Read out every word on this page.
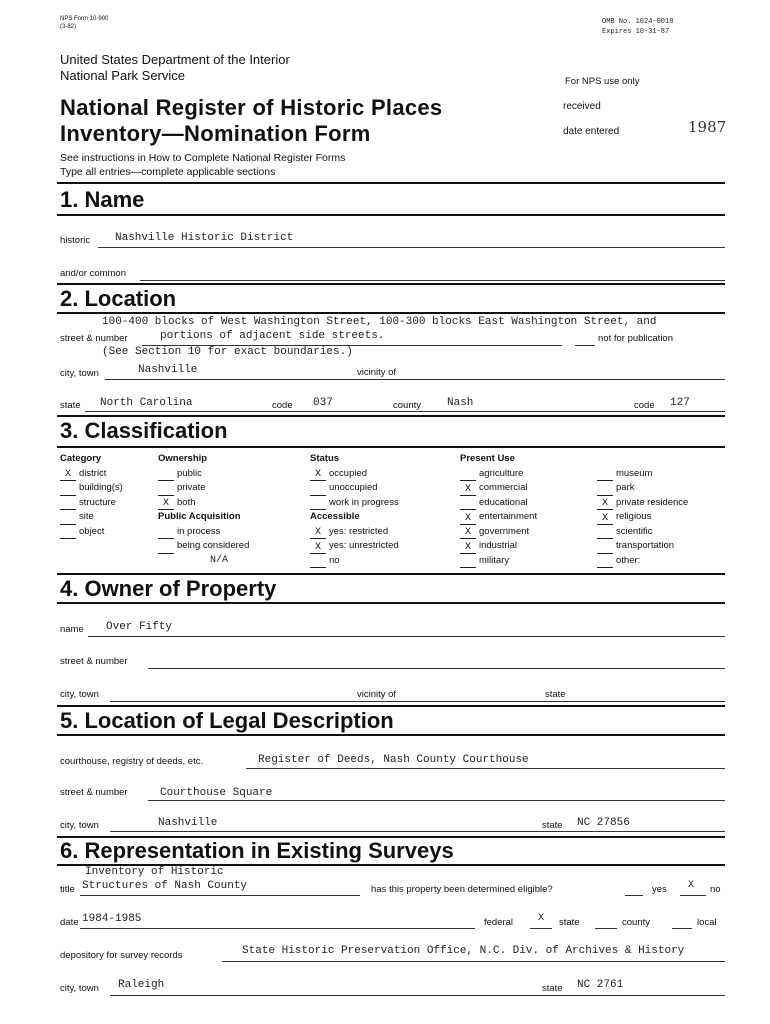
NPS Form 10-900
(3-82)
OMB No. 1024-0018
Expires 10-31-87
United States Department of the Interior
National Park Service
National Register of Historic Places
Inventory—Nomination Form
For NPS use only
received
date entered	1987
See instructions in How to Complete National Register Forms
Type all entries—complete applicable sections
1. Name
historic Nashville Historic District
and/or common
2. Location
100-400 blocks of West Washington Street, 100-300 blocks East Washington Street, and
street & number	portions of adjacent side streets.	not for publication
(See Section 10 for exact boundaries.)
city, town	Nashville	vicinity of
state North Carolina	code 037	county Nash	code 127
3. Classification
Category
X district
building(s)
structure
site
object
Ownership
public
private
X both
Public Acquisition
in process
being considered
N/A
Status
X occupied
unoccupied
work in progress
Accessible
X yes: restricted
X yes: unrestricted
no
Present Use
agriculture
X commercial
educational
X entertainment
X government
X industrial
military

museum
park
X private residence
X religious
scientific
transportation
other:
4. Owner of Property
name Over Fifty
street & number
city, town	vicinity of	state
5. Location of Legal Description
courthouse, registry of deeds, etc.	Register of Deeds, Nash County Courthouse
street & number	Courthouse Square
city, town	Nashville	state NC 27856
6. Representation in Existing Surveys
Inventory of Historic
title Structures of Nash County	has this property been determined eligible?	yes X no
date 1984-1985	federal X state	county	local
depository for survey records	State Historic Preservation Office, N.C. Div. of Archives & History
city, town Raleigh	state NC 2761
